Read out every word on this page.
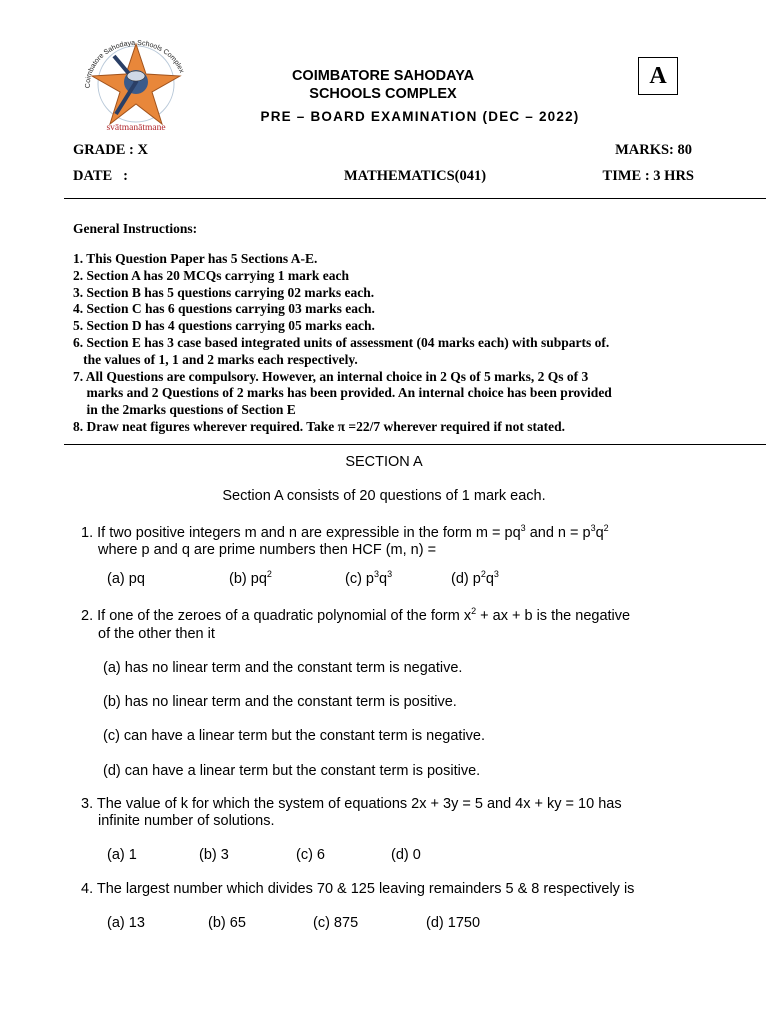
Coimbatore Sahodaya Schools Complex
svātmanātmane
COIMBATORE SAHODAYA
SCHOOLS COMPLEX
PRE – BOARD EXAMINATION (DEC – 2022)
A
GRADE : X	MARKS: 80
DATE   :	MATHEMATICS(041)	TIME : 3 HRS
General Instructions:
1. This Question Paper has 5 Sections A-E.
2. Section A has 20 MCQs carrying 1 mark each
3. Section B has 5 questions carrying 02 marks each.
4. Section C has 6 questions carrying 03 marks each.
5. Section D has 4 questions carrying 05 marks each.
6. Section E has 3 case based integrated units of assessment (04 marks each) with subparts of.
the values of 1, 1 and 2 marks each respectively.
7. All Questions are compulsory. However, an internal choice in 2 Qs of 5 marks, 2 Qs of 3
marks and 2 Questions of 2 marks has been provided. An internal choice has been provided
in the 2marks questions of Section E
8. Draw neat figures wherever required. Take π =22/7 wherever required if not stated.
SECTION A
Section A consists of 20 questions of 1 mark each.
1. If two positive integers m and n are expressible in the form $m = pq^3$ and $n = p^3q^2$
where p and q are prime numbers then HCF (m, n) =
(a) pq	(b) $pq^2$	(c) $p^3q^3$	(d) $p^2q^3$
2. If one of the zeroes of a quadratic polynomial of the form $x^2$ + ax + b is the negative
of the other then it
(a) has no linear term and the constant term is negative.
(b) has no linear term and the constant term is positive.
(c) can have a linear term but the constant term is negative.
(d) can have a linear term but the constant term is positive.
3. The value of k for which the system of equations 2x + 3y = 5 and 4x + ky = 10 has
infinite number of solutions.
(a) 1	(b) 3	(c) 6	(d) 0
4. The largest number which divides 70 & 125 leaving remainders 5 & 8 respectively is
(a) 13	(b) 65	(c) 875	(d) 1750
